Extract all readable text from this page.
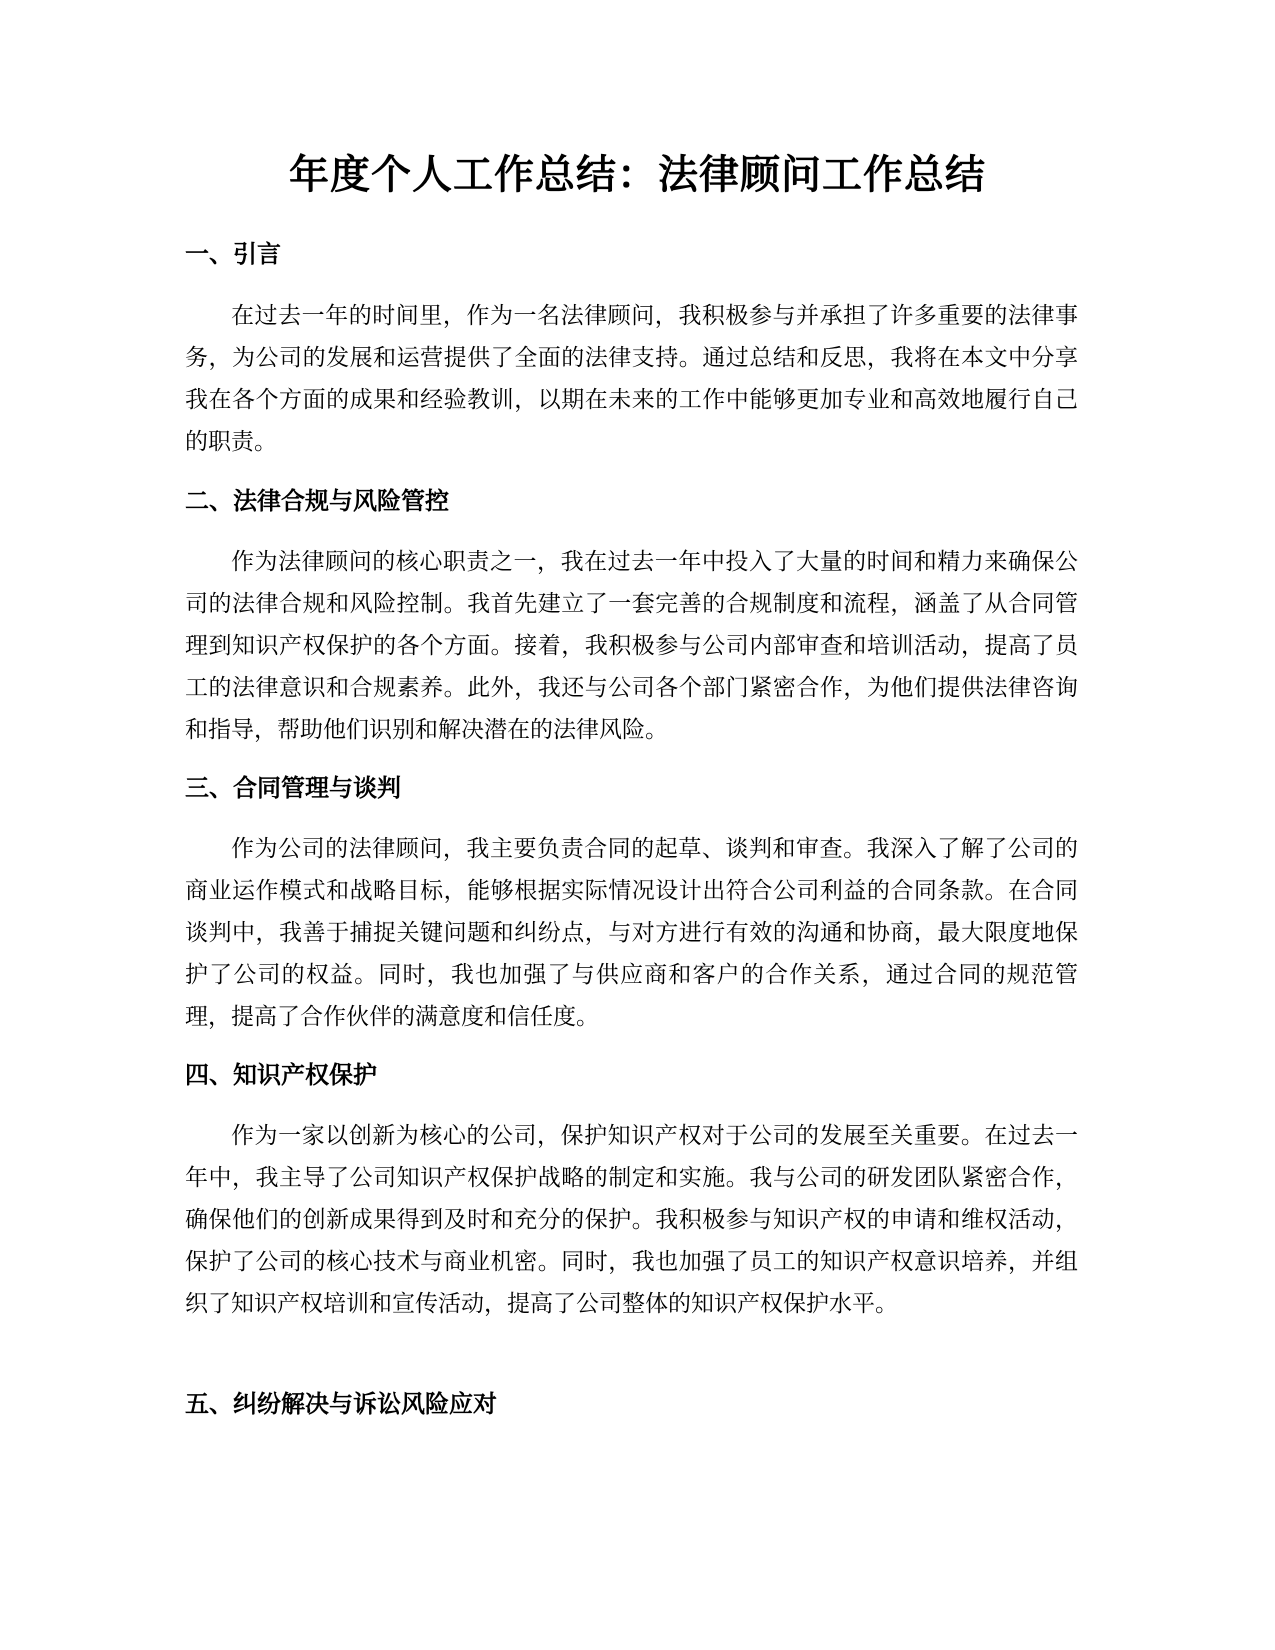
年度个人工作总结：法律顾问工作总结
一、引言

在过去一年的时间里，作为一名法律顾问，我积极参与并承担了许多重要的法律事务，为公司的发展和运营提供了全面的法律支持。通过总结和反思，我将在本文中分享我在各个方面的成果和经验教训，以期在未来的工作中能够更加专业和高效地履行自己的职责。

二、法律合规与风险管控

作为法律顾问的核心职责之一，我在过去一年中投入了大量的时间和精力来确保公司的法律合规和风险控制。我首先建立了一套完善的合规制度和流程，涵盖了从合同管理到知识产权保护的各个方面。接着，我积极参与公司内部审查和培训活动，提高了员工的法律意识和合规素养。此外，我还与公司各个部门紧密合作，为他们提供法律咨询和指导，帮助他们识别和解决潜在的法律风险。

三、合同管理与谈判

作为公司的法律顾问，我主要负责合同的起草、谈判和审查。我深入了解了公司的商业运作模式和战略目标，能够根据实际情况设计出符合公司利益的合同条款。在合同谈判中，我善于捕捉关键问题和纠纷点，与对方进行有效的沟通和协商，最大限度地保护了公司的权益。同时，我也加强了与供应商和客户的合作关系，通过合同的规范管理，提高了合作伙伴的满意度和信任度。

四、知识产权保护

作为一家以创新为核心的公司，保护知识产权对于公司的发展至关重要。在过去一年中，我主导了公司知识产权保护战略的制定和实施。我与公司的研发团队紧密合作，确保他们的创新成果得到及时和充分的保护。我积极参与知识产权的申请和维权活动，保护了公司的核心技术与商业机密。同时，我也加强了员工的知识产权意识培养，并组织了知识产权培训和宣传活动，提高了公司整体的知识产权保护水平。

五、纠纷解决与诉讼风险应对
